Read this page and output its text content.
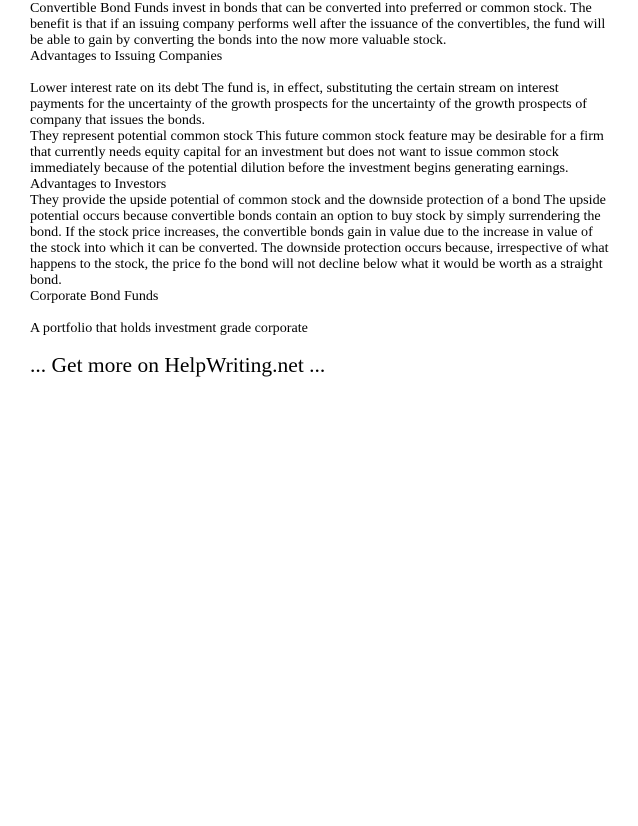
Convertible Bond Funds invest in bonds that can be converted into preferred or common stock. The benefit is that if an issuing company performs well after the issuance of the convertibles, the fund will be able to gain by converting the bonds into the now more valuable stock.

Advantages to Issuing Companies

Lower interest rate on its debt The fund is, in effect, substituting the certain stream on interest payments for the uncertainty of the growth prospects for the uncertainty of the growth prospects of company that issues the bonds.

They represent potential common stock This future common stock feature may be desirable for a firm that currently needs equity capital for an investment but does not want to issue common stock immediately because of the potential dilution before the investment begins generating earnings.

Advantages to Investors

They provide the upside potential of common stock and the downside protection of a bond The upside potential occurs because convertible bonds contain an option to buy stock by simply surrendering the bond. If the stock price increases, the convertible bonds gain in value due to the increase in value of the stock into which it can be converted. The downside protection occurs because, irrespective of what happens to the stock, the price fo the bond will not decline below what it would be worth as a straight bond.

Corporate Bond Funds

A portfolio that holds investment grade corporate

... Get more on HelpWriting.net ...
